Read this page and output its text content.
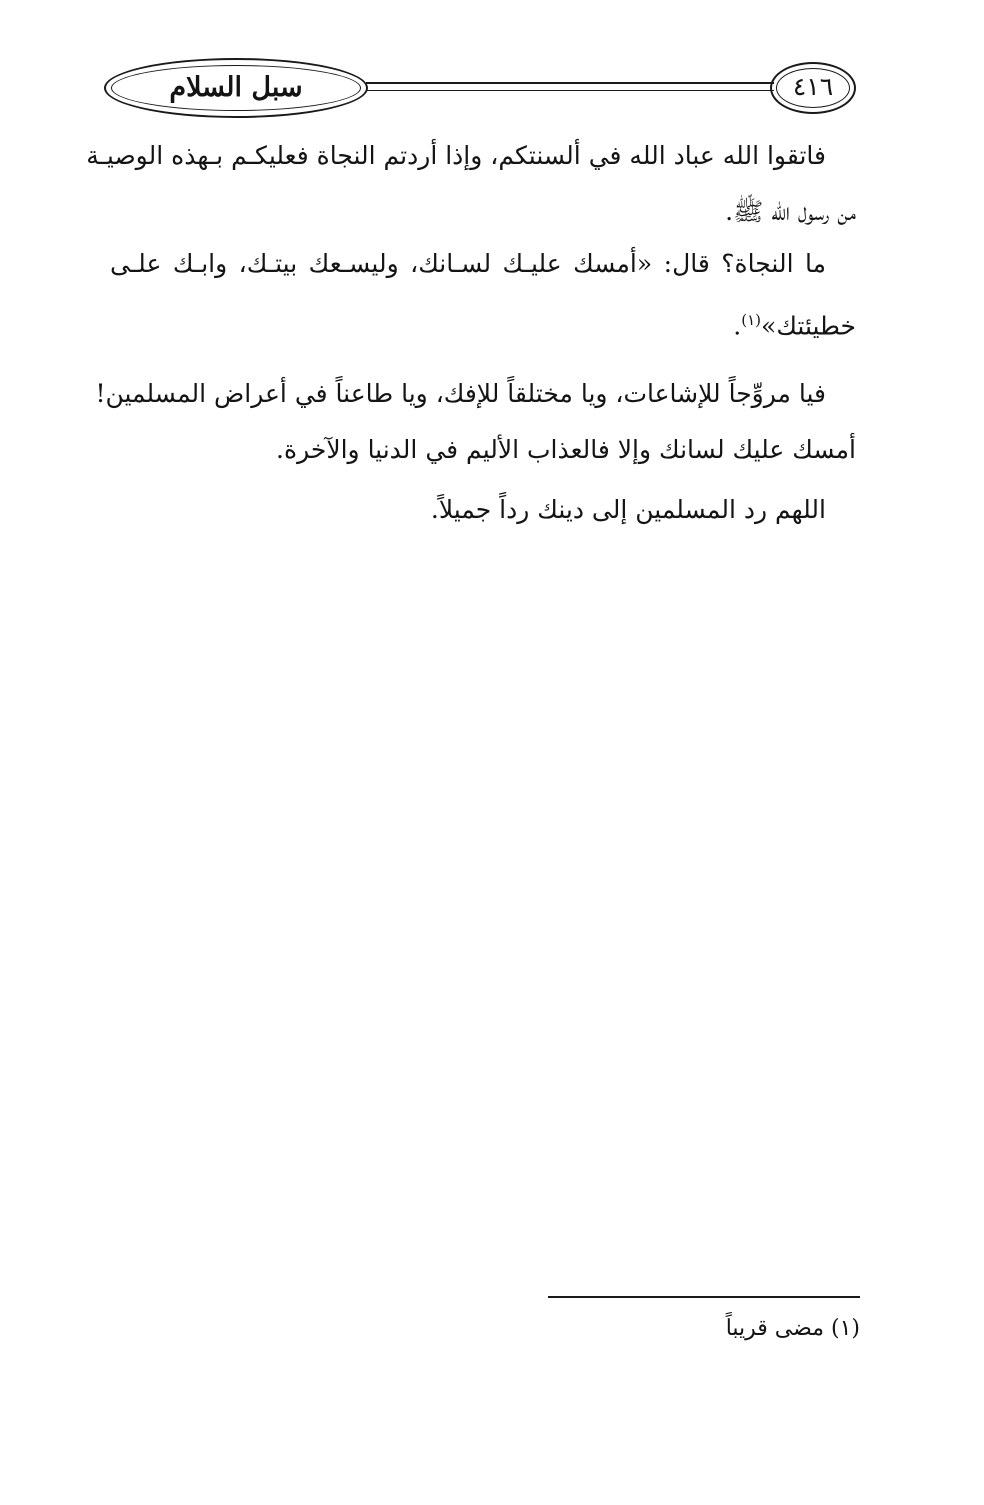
سبل السلام	٤١٦
فاتقوا الله عباد الله في ألسنتكم، وإذا أردتم النجاة فعليكـم بـهذه الوصيـة
من رسول الله ﷺ.
ما النجاة؟ قال: «أمسك عليـك لسـانك، وليسـعك بيتـك، وابـك علـى
خطيئتك»$^{(١)}$.
فيا مروِّجاً للإشاعات، ويا مختلقاً للإفك، ويا طاعناً في أعراض المسلمين!
أمسك عليك لسانك وإلا فالعذاب الأليم في الدنيا والآخرة.
اللهم رد المسلمين إلى دينك رداً جميلاً.
(١) مضى قريباً
